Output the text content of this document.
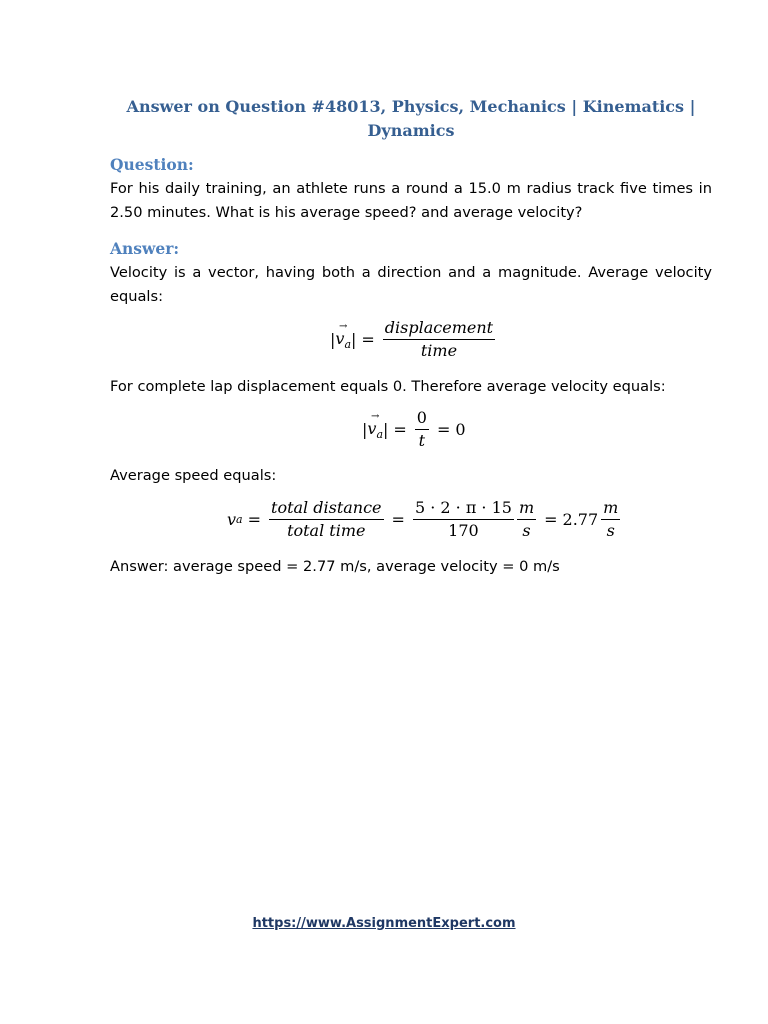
Answer on Question #48013, Physics, Mechanics | Kinematics |
Dynamics
Question:
For his daily training, an athlete runs a round a 15.0 m radius track five times in 2.50 minutes. What is his average speed? and average velocity?
Answer:
Velocity is a vector, having both a direction and a magnitude. Average velocity equals:
|
→
$v_a$ | = $\frac{\text{displacement}}{\text{time}}$
For complete lap displacement equals 0. Therefore average velocity equals:
|
→
$v_a$ | = $\frac{0}{t} = 0$
Average speed equals:
v $a = \frac{\text{total distance}}{\text{total time}} = \frac{5 \cdot 2 \cdot \pi \cdot 15}{170} \frac{m}{s} = 2.77 \frac{m}{s}$
Answer: average speed = 2.77 m/s, average velocity = 0 m/s
https://www.AssignmentExpert.com
